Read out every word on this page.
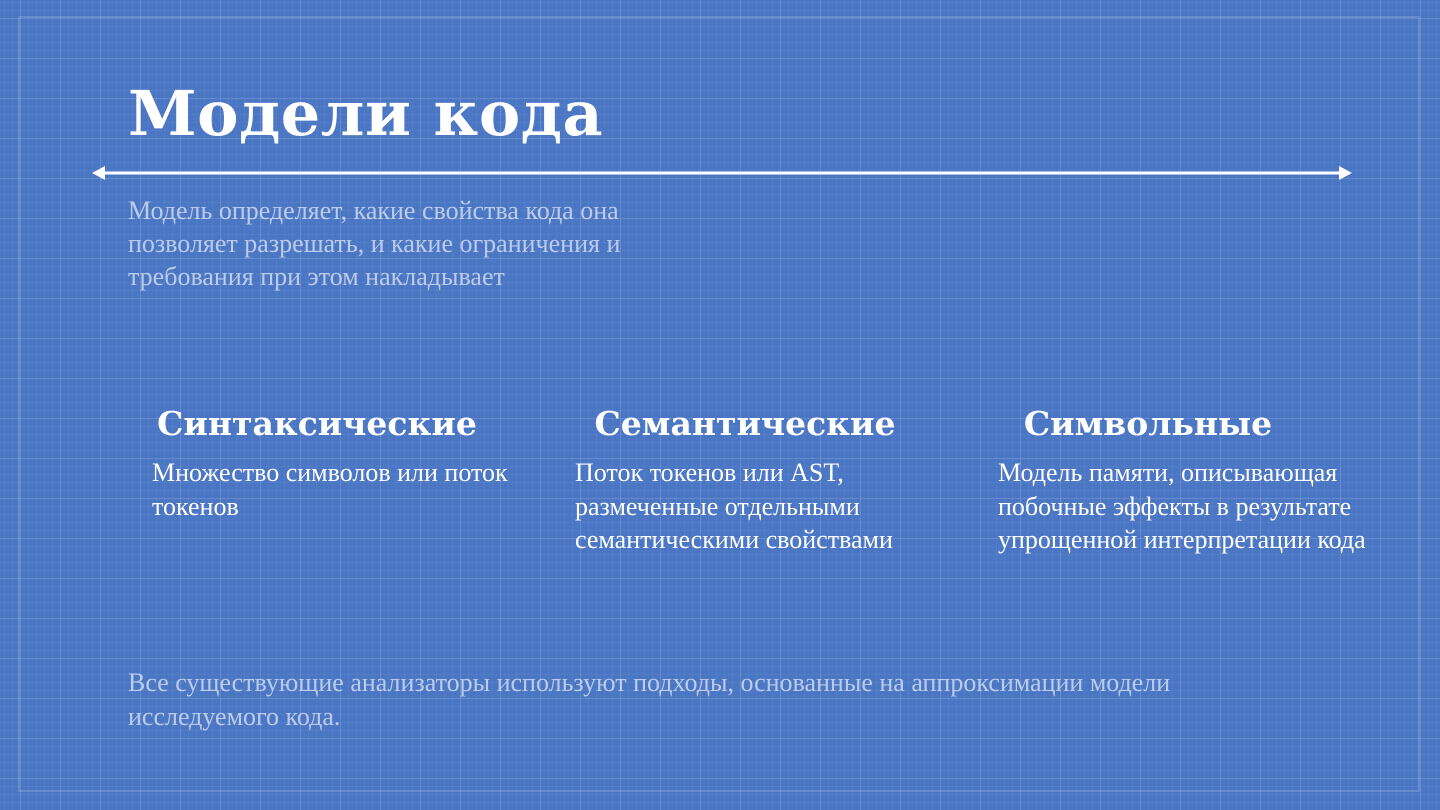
Модели кода

Модель определяет, какие свойства кода она позволяет разрешать, и какие ограничения и требования при этом накладывает

Синтаксические

Множество символов или поток токенов

Семантические

Поток токенов или AST, размеченные отдельными семантическими свойствами

Символьные

Модель памяти, описывающая побочные эффекты в результате упрощенной интерпретации кода

Все существующие анализаторы используют подходы, основанные на аппроксимации модели исследуемого кода.
